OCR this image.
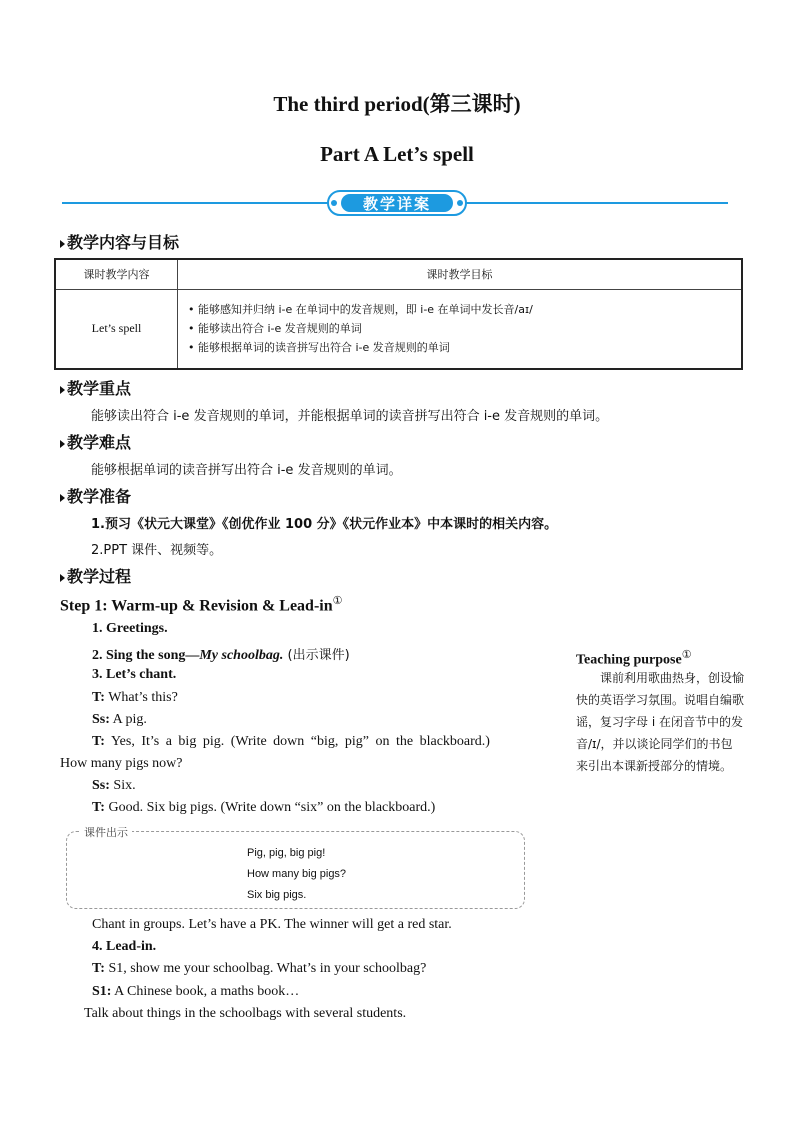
The third period(第三课时)
Part A Let’s spell
教学详案
教学内容与目标
课时教学内容	课时教学目标
Let’s spell	• 能够感知并归纳 i-e 在单词中的发音规则，即 i-e 在单词中发长音/aɪ/
• 能够读出符合 i-e 发音规则的单词
• 能够根据单词的读音拼写出符合 i-e 发音规则的单词
教学重点
能够读出符合 i-e 发音规则的单词，并能根据单词的读音拼写出符合 i-e 发音规则的单词。
教学难点
能够根据单词的读音拼写出符合 i-e 发音规则的单词。
教学准备
1.预习《状元大课堂》《创优作业 100 分》《状元作业本》中本课时的相关内容。
2.PPT 课件、视频等。
教学过程
Step 1: Warm-up & Revision & Lead-in①
1. Greetings.
2. Sing the song—My schoolbag. (出示课件)
3. Let’s chant.
T: What’s this?
Ss: A pig.
T: Yes, It’s a big pig. (Write down “big, pig” on the blackboard.)
How many pigs now?
Ss: Six.
T: Good. Six big pigs. (Write down “six” on the blackboard.)
课件出示
Pig, pig, big pig!
How many big pigs?
Six big pigs.
Chant in groups. Let’s have a PK. The winner will get a red star.
4. Lead-in.
T: S1, show me your schoolbag. What’s in your schoolbag?
S1: A Chinese book, a maths book…
Talk about things in the schoolbags with several students.
Teaching purpose①
课前利用歌曲热身，创设愉快的英语学习氛围。说唱自编歌谣，复习字母 i 在闭音节中的发音/ɪ/，并以谈论同学们的书包来引出本课新授部分的情境。
